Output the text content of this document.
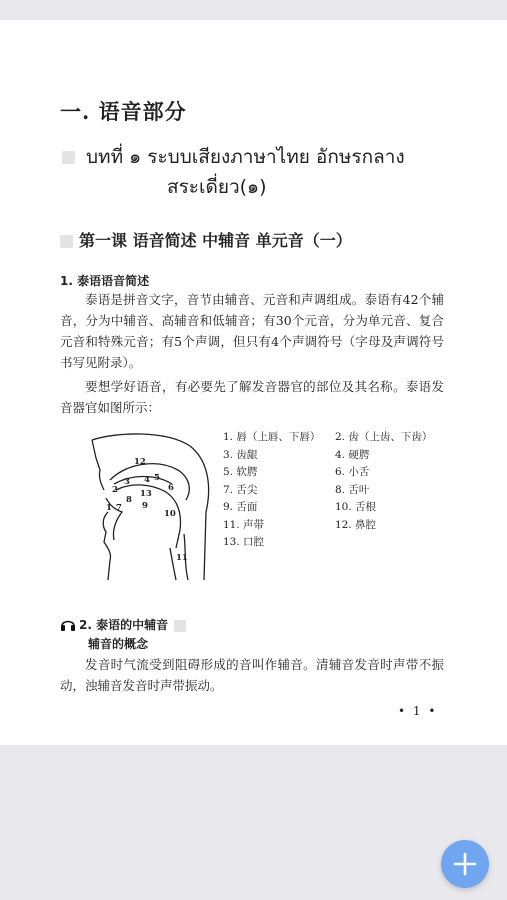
一. 语音部分
บทที่ ๑ ระบบเสียงภาษาไทย อักษรกลาง
สระเดี่ยว(๑)
第一课 语音简述 中辅音 单元音（一）
1. 泰语语音简述

泰语是拼音文字，音节由辅音、元音和声调组成。泰语有42个辅音，分为中辅音、高辅音和低辅音；有30个元音，分为单元音、复合元音和特殊元音；有5个声调，但只有4个声调符号（字母及声调符号书写见附录）。

要想学好语音，有必要先了解发音器官的部位及其名称。泰语发音器官如图所示：

12
4 5
3
6
13
2
8
9
1 7
10
11
1. 唇（上唇、下唇）	2. 齿（上齿、下齿）
3. 齿龈	4. 硬腭
5. 软腭	6. 小舌
7. 舌尖	8. 舌叶
9. 舌面	10. 舌根
11. 声带	12. 鼻腔
13. 口腔
2. 泰语的中辅音
辅音的概念

发音时气流受到阻碍形成的音叫作辅音。清辅音发音时声带不振动，浊辅音发音时声带振动。

• 1 •
